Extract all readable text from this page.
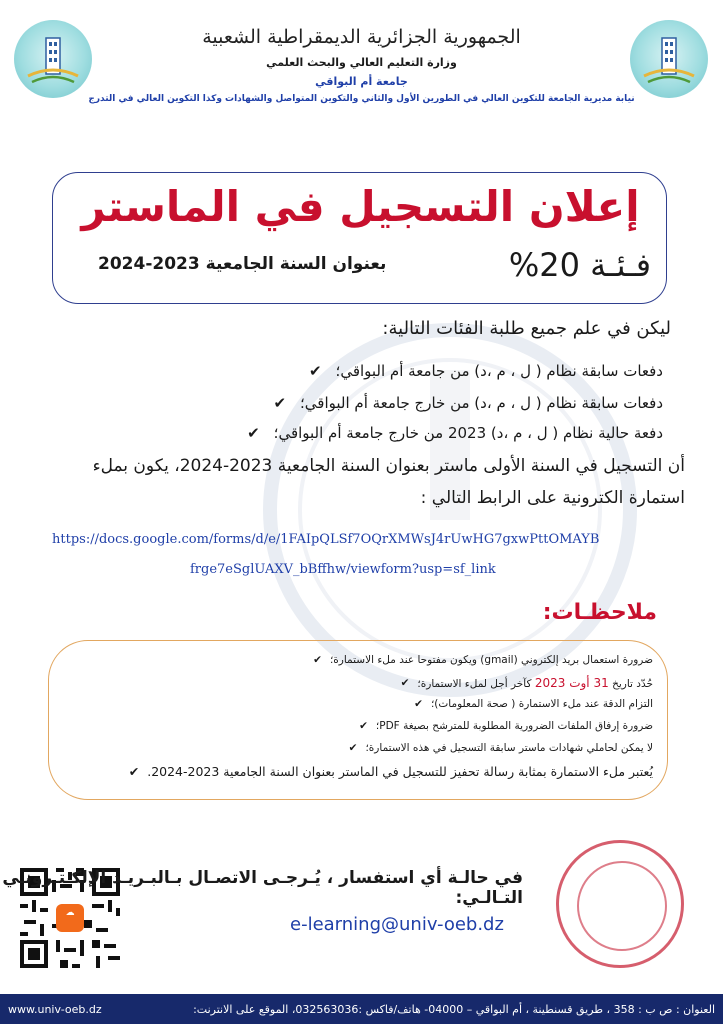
الجمهورية الجزائرية الديمقراطية الشعبية
وزارة التعليم العالي والبحث العلمي
جامعة أم البواقي
نيابة مديرية الجامعة للتكوين العالي في الطورين الأول والثاني والتكوين المتواصل والشهادات وكذا التكوين العالي في التدرج
إعلان التسجيل في الماستر
فـئـة 20%
بعنوان السنة الجامعية 2023-2024
ليكن في علم جميع طلبة الفئات التالية:
✔ دفعات سابقة نظام ( ل ، م ،د) من جامعة أم البواقي؛
✔ دفعات سابقة نظام ( ل ، م ،د) من خارج جامعة أم البواقي؛
✔ دفعة حالية نظام ( ل ، م ،د) 2023 من خارج جامعة أم البواقي؛
أن التسجيل في السنة الأولى ماستر بعنوان السنة الجامعية 2023-2024، يكون بملء
استمارة الكترونية على الرابط التالي :
https://docs.google.com/forms/d/e/1FAIpQLSf7OQrXMWsJ4rUwHG7gxwPttOMAYB
frge7eSglUAXV_bBffhw/viewform?usp=sf_link
ملاحظـات:
✔ ضرورة استعمال بريد إلكتروني (gmail) ويكون مفتوحا عند ملء الاستمارة؛
✔	حُدّد تاريخ 31 أوت 2023 كآخر أجل لملء الاستمارة؛
✔ التزام الدقة عند ملء الاستمارة ( صحة المعلومات)؛
✔ ضرورة إرفاق الملفات الضرورية المطلوبة للمترشح بصيغة PDF؛
✔ لا يمكن لحاملي شهادات ماستر سابقة التسجيل في هذه الاستمارة؛
✔ يُعتبر ملء الاستمارة بمثابة رسالة تحفيز للتسجيل في الماستر بعنوان السنة الجامعية 2023-2024.
☁
في حالـة أي استفسار ، يُـرجـى الاتصـال بـالبـريـد الإلكـتـرونـي التـالـي:
e-learning@univ-oeb.dz
www.univ-oeb.dz	العنوان : ص ب : 358 ، طريق قسنطينة ، أم البواقي – 04000- هاتف/فاكس :032563036، الموقع على الانترنت:
